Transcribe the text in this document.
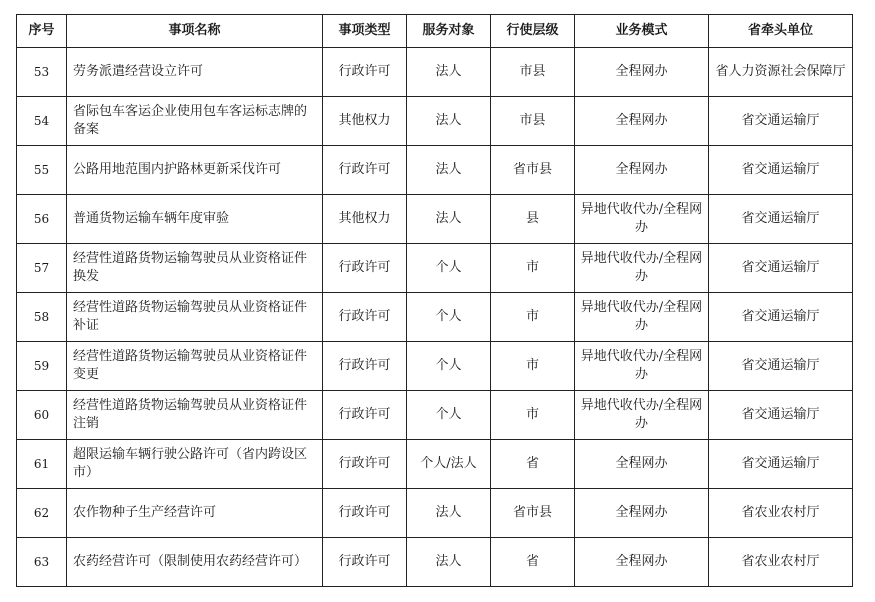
序号	事项名称	事项类型	服务对象	行使层级	业务模式	省牵头单位
53	劳务派遣经营设立许可	行政许可	法人	市县	全程网办	省人力资源社会保障厅
54	省际包车客运企业使用包车客运标志牌的备案	其他权力	法人	市县	全程网办	省交通运输厅
55	公路用地范围内护路林更新采伐许可	行政许可	法人	省市县	全程网办	省交通运输厅
56	普通货物运输车辆年度审验	其他权力	法人	县	异地代收代办/全程网办	省交通运输厅
57	经营性道路货物运输驾驶员从业资格证件换发	行政许可	个人	市	异地代收代办/全程网办	省交通运输厅
58	经营性道路货物运输驾驶员从业资格证件补证	行政许可	个人	市	异地代收代办/全程网办	省交通运输厅
59	经营性道路货物运输驾驶员从业资格证件变更	行政许可	个人	市	异地代收代办/全程网办	省交通运输厅
60	经营性道路货物运输驾驶员从业资格证件注销	行政许可	个人	市	异地代收代办/全程网办	省交通运输厅
61	超限运输车辆行驶公路许可（省内跨设区市）	行政许可	个人/法人	省	全程网办	省交通运输厅
62	农作物种子生产经营许可	行政许可	法人	省市县	全程网办	省农业农村厅
63	农药经营许可（限制使用农药经营许可）	行政许可	法人	省	全程网办	省农业农村厅
